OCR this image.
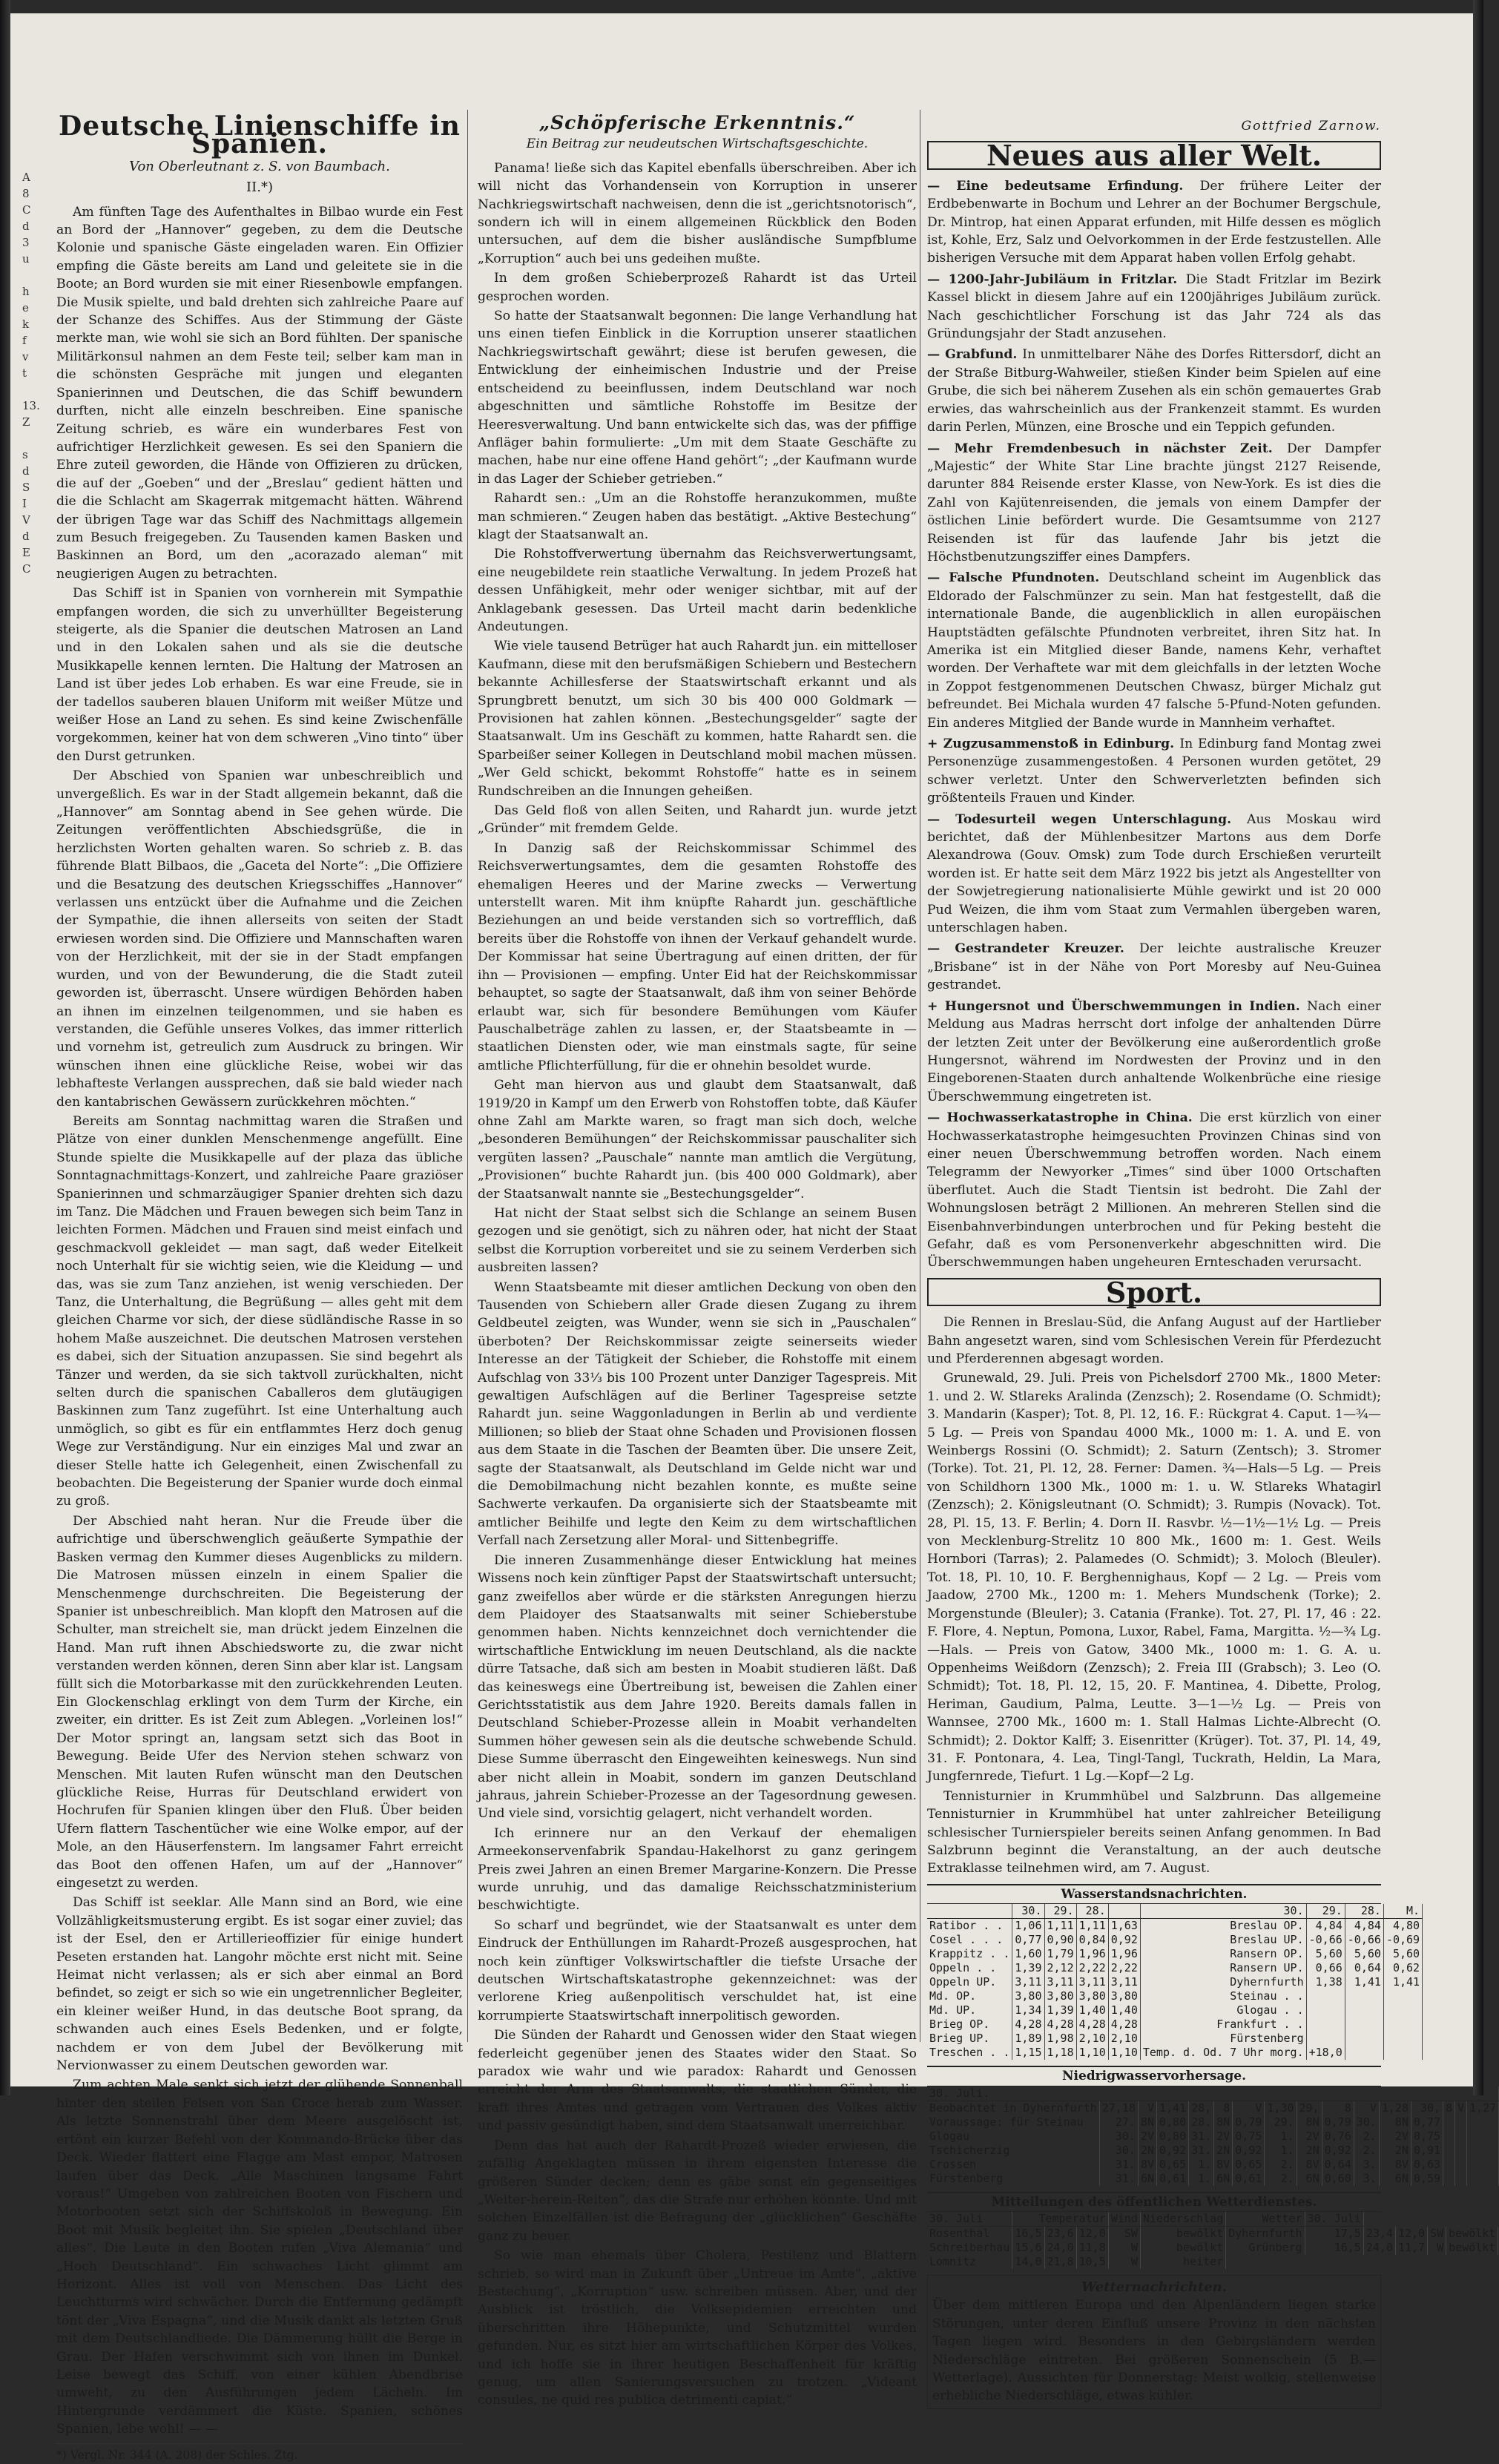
A
8
C
d
3
u

h
e
k
f
v
t

13.
Z

s
d
S
I
V
d
E
C
Deutsche Linienschiffe in Spanien.
Von Oberleutnant z. S. von Baumbach.
II.*)

Am fünften Tage des Aufenthaltes in Bilbao wurde ein Fest an Bord der „Hannover“ gegeben, zu dem die Deutsche Kolonie und spanische Gäste eingeladen waren. Ein Offizier empfing die Gäste bereits am Land und geleitete sie in die Boote; an Bord wurden sie mit einer Riesenbowle empfangen. Die Musik spielte, und bald drehten sich zahlreiche Paare auf der Schanze des Schiffes. Aus der Stimmung der Gäste merkte man, wie wohl sie sich an Bord fühlten. Der spanische Militärkonsul nahmen an dem Feste teil; selber kam man in die schönsten Gespräche mit jungen und eleganten Spanierinnen und Deutschen, die das Schiff bewundern durften, nicht alle einzeln beschreiben. Eine spanische Zeitung schrieb, es wäre ein wunderbares Fest von aufrichtiger Herzlichkeit gewesen. Es sei den Spaniern die Ehre zuteil geworden, die Hände von Offizieren zu drücken, die auf der „Goeben“ und der „Breslau“ gedient hätten und die die Schlacht am Skagerrak mitgemacht hätten. Während der übrigen Tage war das Schiff des Nachmittags allgemein zum Besuch freigegeben. Zu Tausenden kamen Basken und Baskinnen an Bord, um den „acorazado aleman“ mit neugierigen Augen zu betrachten.

Das Schiff ist in Spanien von vornherein mit Sympathie empfangen worden, die sich zu unverhüllter Begeisterung steigerte, als die Spanier die deutschen Matrosen an Land und in den Lokalen sahen und als sie die deutsche Musikkapelle kennen lernten. Die Haltung der Matrosen an Land ist über jedes Lob erhaben. Es war eine Freude, sie in der tadellos sauberen blauen Uniform mit weißer Mütze und weißer Hose an Land zu sehen. Es sind keine Zwischenfälle vorgekommen, keiner hat von dem schweren „Vino tinto“ über den Durst getrunken.

Der Abschied von Spanien war unbeschreiblich und unvergeßlich. Es war in der Stadt allgemein bekannt, daß die „Hannover“ am Sonntag abend in See gehen würde. Die Zeitungen veröffentlichten Abschiedsgrüße, die in herzlichsten Worten gehalten waren. So schrieb z. B. das führende Blatt Bilbaos, die „Gaceta del Norte“: „Die Offiziere und die Besatzung des deutschen Kriegsschiffes „Hannover“ verlassen uns entzückt über die Aufnahme und die Zeichen der Sympathie, die ihnen allerseits von seiten der Stadt erwiesen worden sind. Die Offiziere und Mannschaften waren von der Herzlichkeit, mit der sie in der Stadt empfangen wurden, und von der Bewunderung, die die Stadt zuteil geworden ist, überrascht. Unsere würdigen Behörden haben an ihnen im einzelnen teilgenommen, und sie haben es verstanden, die Gefühle unseres Volkes, das immer ritterlich und vornehm ist, getreulich zum Ausdruck zu bringen. Wir wünschen ihnen eine glückliche Reise, wobei wir das lebhafteste Verlangen aussprechen, daß sie bald wieder nach den kantabrischen Gewässern zurückkehren möchten.“

Bereits am Sonntag nachmittag waren die Straßen und Plätze von einer dunklen Menschenmenge angefüllt. Eine Stunde spielte die Musikkapelle auf der plaza das übliche Sonntagnachmittags-Konzert, und zahlreiche Paare graziöser Spanierinnen und schmarzäugiger Spanier drehten sich dazu im Tanz. Die Mädchen und Frauen bewegen sich beim Tanz in leichten Formen. Mädchen und Frauen sind meist einfach und geschmackvoll gekleidet — man sagt, daß weder Eitelkeit noch Unterhalt für sie wichtig seien, wie die Kleidung — und das, was sie zum Tanz anziehen, ist wenig verschieden. Der Tanz, die Unterhaltung, die Begrüßung — alles geht mit dem gleichen Charme vor sich, der diese südländische Rasse in so hohem Maße auszeichnet. Die deutschen Matrosen verstehen es dabei, sich der Situation anzupassen. Sie sind begehrt als Tänzer und werden, da sie sich taktvoll zurückhalten, nicht selten durch die spanischen Caballeros dem glutäugigen Baskinnen zum Tanz zugeführt. Ist eine Unterhaltung auch unmöglich, so gibt es für ein entflammtes Herz doch genug Wege zur Verständigung. Nur ein einziges Mal und zwar an dieser Stelle hatte ich Gelegenheit, einen Zwischenfall zu beobachten. Die Begeisterung der Spanier wurde doch einmal zu groß.

Der Abschied naht heran. Nur die Freude über die aufrichtige und überschwenglich geäußerte Sympathie der Basken vermag den Kummer dieses Augenblicks zu mildern. Die Matrosen müssen einzeln in einem Spalier die Menschenmenge durchschreiten. Die Begeisterung der Spanier ist unbeschreiblich. Man klopft den Matrosen auf die Schulter, man streichelt sie, man drückt jedem Einzelnen die Hand. Man ruft ihnen Abschiedsworte zu, die zwar nicht verstanden werden können, deren Sinn aber klar ist. Langsam füllt sich die Motorbarkasse mit den zurückkehrenden Leuten. Ein Glockenschlag erklingt von dem Turm der Kirche, ein zweiter, ein dritter. Es ist Zeit zum Ablegen. „Vorleinen los!“ Der Motor springt an, langsam setzt sich das Boot in Bewegung. Beide Ufer des Nervion stehen schwarz von Menschen. Mit lauten Rufen wünscht man den Deutschen glückliche Reise, Hurras für Deutschland erwidert von Hochrufen für Spanien klingen über den Fluß. Über beiden Ufern flattern Taschentücher wie eine Wolke empor, auf der Mole, an den Häuserfenstern. Im langsamer Fahrt erreicht das Boot den offenen Hafen, um auf der „Hannover“ eingesetzt zu werden.

Das Schiff ist seeklar. Alle Mann sind an Bord, wie eine Vollzähligkeitsmusterung ergibt. Es ist sogar einer zuviel; das ist der Esel, den er Artillerieoffizier für einige hundert Peseten erstanden hat. Langohr möchte erst nicht mit. Seine Heimat nicht verlassen; als er sich aber einmal an Bord befindet, so zeigt er sich so wie ein ungetrennlicher Begleiter, ein kleiner weißer Hund, in das deutsche Boot sprang, da schwanden auch eines Esels Bedenken, und er folgte, nachdem er von dem Jubel der Bevölkerung mit Nervionwasser zu einem Deutschen geworden war.

Zum achten Male senkt sich jetzt der glühende Sonnenball hinter den steilen Felsen von San Croce herab zum Wasser. Als letzte Sonnenstrahl über dem Meere ausgelöscht ist, ertönt ein kurzer Befehl von der Kommando-Brücke über das Deck. Wieder flattert eine Flagge am Mast empor, Matrosen laufen über das Deck. „Alle Maschinen langsame Fahrt voraus!“ Umgeben von zahlreichen Booten von Fischern und Motorbooten setzt sich der Schiffskoloß in Bewegung. Ein Boot mit Musik begleitet ihn. Sie spielen „Deutschland über alles“. Die Leute in den Booten rufen „Viva Alemania“ und „Hoch Deutschland“. Ein schwaches Licht glimmt am Horizont. Alles ist voll von Menschen. Das Licht des Leuchtturms wird schwächer. Durch die Entfernung gedämpft tönt der „Viva Espagna“, und die Musik dankt als letzten Gruß mit dem Deutschlandliede. Die Dämmerung hüllt die Berge in Grau. Der Hafen verschwimmt sich von ihnen im Dunkel. Leise bewegt das Schiff, von einer kühlen Abendbrise umweht, zu den Ausführungen jedem Lächeln. Im Hintergrunde verdämmert die Küste. Spanien, schönes Spanien, lebe wohl! — —

*) Vergl. Nr. 344 (A. 208) der Schles. Ztg.
„Schöpferische Erkenntnis.“
Ein Beitrag zur neudeutschen Wirtschaftsgeschichte.

Panama! ließe sich das Kapitel ebenfalls überschreiben. Aber ich will nicht das Vorhandensein von Korruption in unserer Nachkriegswirtschaft nachweisen, denn die ist „gerichtsnotorisch“, sondern ich will in einem allgemeinen Rückblick den Boden untersuchen, auf dem die bisher ausländische Sumpfblume „Korruption“ auch bei uns gedeihen mußte.

In dem großen Schieberprozeß Rahardt ist das Urteil gesprochen worden.

So hatte der Staatsanwalt begonnen: Die lange Verhandlung hat uns einen tiefen Einblick in die Korruption unserer staatlichen Nachkriegswirtschaft gewährt; diese ist berufen gewesen, die Entwicklung der einheimischen Industrie und der Preise entscheidend zu beeinflussen, indem Deutschland war noch abgeschnitten und sämtliche Rohstoffe im Besitze der Heeresverwaltung. Und bann entwickelte sich das, was der pfiffige Anfläger bahin formulierte: „Um mit dem Staate Geschäfte zu machen, habe nur eine offene Hand gehört“; „der Kaufmann wurde in das Lager der Schieber getrieben.“

Rahardt sen.: „Um an die Rohstoffe heranzukommen, mußte man schmieren.“ Zeugen haben das bestätigt. „Aktive Bestechung“ klagt der Staatsanwalt an.

Die Rohstoffverwertung übernahm das Reichsverwertungsamt, eine neugebildete rein staatliche Verwaltung. In jedem Prozeß hat dessen Unfähigkeit, mehr oder weniger sichtbar, mit auf der Anklagebank gesessen. Das Urteil macht darin bedenkliche Andeutungen.

Wie viele tausend Betrüger hat auch Rahardt jun. ein mittelloser Kaufmann, diese mit den berufsmäßigen Schiebern und Bestechern bekannte Achillesferse der Staatswirtschaft erkannt und als Sprungbrett benutzt, um sich 30 bis 400 000 Goldmark — Provisionen hat zahlen können. „Bestechungsgelder“ sagte der Staatsanwalt. Um ins Geschäft zu kommen, hatte Rahardt sen. die Sparbeißer seiner Kollegen in Deutschland mobil machen müssen. „Wer Geld schickt, bekommt Rohstoffe“ hatte es in seinem Rundschreiben an die Innungen geheißen.

Das Geld floß von allen Seiten, und Rahardt jun. wurde jetzt „Gründer“ mit fremdem Gelde.

In Danzig saß der Reichskommissar Schimmel des Reichsverwertungsamtes, dem die gesamten Rohstoffe des ehemaligen Heeres und der Marine zwecks — Verwertung unterstellt waren. Mit ihm knüpfte Rahardt jun. geschäftliche Beziehungen an und beide verstanden sich so vortrefflich, daß bereits über die Rohstoffe von ihnen der Verkauf gehandelt wurde. Der Kommissar hat seine Übertragung auf einen dritten, der für ihn — Provisionen — empfing. Unter Eid hat der Reichskommissar behauptet, so sagte der Staatsanwalt, daß ihm von seiner Behörde erlaubt war, sich für besondere Bemühungen vom Käufer Pauschalbeträge zahlen zu lassen, er, der Staatsbeamte in — staatlichen Diensten oder, wie man einstmals sagte, für seine amtliche Pflichterfüllung, für die er ohnehin besoldet wurde.

Geht man hiervon aus und glaubt dem Staatsanwalt, daß 1919/20 in Kampf um den Erwerb von Rohstoffen tobte, daß Käufer ohne Zahl am Markte waren, so fragt man sich doch, welche „besonderen Bemühungen“ der Reichskommissar pauschaliter sich vergüten lassen? „Pauschale“ nannte man amtlich die Vergütung, „Provisionen“ buchte Rahardt jun. (bis 400 000 Goldmark), aber der Staatsanwalt nannte sie „Bestechungsgelder“.

Hat nicht der Staat selbst sich die Schlange an seinem Busen gezogen und sie genötigt, sich zu nähren oder, hat nicht der Staat selbst die Korruption vorbereitet und sie zu seinem Verderben sich ausbreiten lassen?

Wenn Staatsbeamte mit dieser amtlichen Deckung von oben den Tausenden von Schiebern aller Grade diesen Zugang zu ihrem Geldbeutel zeigten, was Wunder, wenn sie sich in „Pauschalen“ überboten? Der Reichskommissar zeigte seinerseits wieder Interesse an der Tätigkeit der Schieber, die Rohstoffe mit einem Aufschlag von 33⅓ bis 100 Prozent unter Danziger Tagespreis. Mit gewaltigen Aufschlägen auf die Berliner Tagespreise setzte Rahardt jun. seine Waggonladungen in Berlin ab und verdiente Millionen; so blieb der Staat ohne Schaden und Provisionen flossen aus dem Staate in die Taschen der Beamten über. Die unsere Zeit, sagte der Staatsanwalt, als Deutschland im Gelde nicht war und die Demobilmachung nicht bezahlen konnte, es mußte seine Sachwerte verkaufen. Da organisierte sich der Staatsbeamte mit amtlicher Beihilfe und legte den Keim zu dem wirtschaftlichen Verfall nach Zersetzung aller Moral- und Sittenbegriffe.

Die inneren Zusammenhänge dieser Entwicklung hat meines Wissens noch kein zünftiger Papst der Staatswirtschaft untersucht; ganz zweifellos aber würde er die stärksten Anregungen hierzu dem Plaidoyer des Staatsanwalts mit seiner Schieberstube genommen haben. Nichts kennzeichnet doch vernichtender die wirtschaftliche Entwicklung im neuen Deutschland, als die nackte dürre Tatsache, daß sich am besten in Moabit studieren läßt. Daß das keineswegs eine Übertreibung ist, beweisen die Zahlen einer Gerichtsstatistik aus dem Jahre 1920. Bereits damals fallen in Deutschland Schieber-Prozesse allein in Moabit verhandelten Summen höher gewesen sein als die deutsche schwebende Schuld. Diese Summe überrascht den Eingeweihten keineswegs. Nun sind aber nicht allein in Moabit, sondern im ganzen Deutschland jahraus, jahrein Schieber-Prozesse an der Tagesordnung gewesen. Und viele sind, vorsichtig gelagert, nicht verhandelt worden.

Ich erinnere nur an den Verkauf der ehemaligen Armeekonservenfabrik Spandau-Hakelhorst zu ganz geringem Preis zwei Jahren an einen Bremer Margarine-Konzern. Die Presse wurde unruhig, und das damalige Reichsschatzministerium beschwichtigte.

So scharf und begründet, wie der Staatsanwalt es unter dem Eindruck der Enthüllungen im Rahardt-Prozeß ausgesprochen, hat noch kein zünftiger Volkswirtschaftler die tiefste Ursache der deutschen Wirtschaftskatastrophe gekennzeichnet: was der verlorene Krieg außenpolitisch verschuldet hat, ist eine korrumpierte Staatswirtschaft innerpolitisch geworden.

Die Sünden der Rahardt und Genossen wider den Staat wiegen federleicht gegenüber jenen des Staates wider den Staat. So paradox wie wahr und wie paradox: Rahardt und Genossen erreicht der Arm des Staatsanwalts, die staatlichen Sünder, die kraft ihres Amtes und getragen vom Vertrauen des Volkes aktiv und passiv gesündigt haben, sind dem Staatsanwalt unerreichbar.

Denn das hat auch der Rahardt-Prozeß wieder erwiesen, die zufällig Angeklagten müssen in ihrem eigensten Interesse die größeren Sünder decken; denn es gäbe sonst ein gegenseitiges „Weiter-herein-Reiten“, das die Strafe nur erhöhen könnte. Und mit solchen Einzelfällen ist die Befragung der „glücklichen“ Geschäfte ganz zu beuer.

So wie man ehemals über Cholera, Pestilenz und Blattern schrieb, so wird man in Zukunft über „Untreue im Amte“, „aktive Bestechung“, „Korruption“ usw. schreiben müssen. Aber, und der Ausblick ist tröstlich, die Volksepidemien erreichten und überschritten ihre Höhepunkte, und Schutzmittel wurden gefunden. Nur, es sitzt hier am wirtschaftlichen Körper des Volkes, und ich hoffe sie in ihrer heutigen Beschaffenheit für kräftig genug, um allen Sanierungsversuchen zu trotzen. „Videant consules, ne quid res publica detrimenti capiat.“

Gottfried Zarnow.
Neues aus aller Welt.

— Eine bedeutsame Erfindung. Der frühere Leiter der Erdbebenwarte in Bochum und Lehrer an der Bochumer Bergschule, Dr. Mintrop, hat einen Apparat erfunden, mit Hilfe dessen es möglich ist, Kohle, Erz, Salz und Oelvorkommen in der Erde festzustellen. Alle bisherigen Versuche mit dem Apparat haben vollen Erfolg gehabt.

— 1200-Jahr-Jubiläum in Fritzlar. Die Stadt Fritzlar im Bezirk Kassel blickt in diesem Jahre auf ein 1200jähriges Jubiläum zurück. Nach geschichtlicher Forschung ist das Jahr 724 als das Gründungsjahr der Stadt anzusehen.

— Grabfund. In unmittelbarer Nähe des Dorfes Rittersdorf, dicht an der Straße Bitburg-Wahweiler, stießen Kinder beim Spielen auf eine Grube, die sich bei näherem Zusehen als ein schön gemauertes Grab erwies, das wahrscheinlich aus der Frankenzeit stammt. Es wurden darin Perlen, Münzen, eine Brosche und ein Teppich gefunden.

— Mehr Fremdenbesuch in nächster Zeit. Der Dampfer „Majestic“ der White Star Line brachte jüngst 2127 Reisende, darunter 884 Reisende erster Klasse, von New-York. Es ist dies die Zahl von Kajütenreisenden, die jemals von einem Dampfer der östlichen Linie befördert wurde. Die Gesamtsumme von 2127 Reisenden ist für das laufende Jahr bis jetzt die Höchstbenutzungsziffer eines Dampfers.

— Falsche Pfundnoten. Deutschland scheint im Augenblick das Eldorado der Falschmünzer zu sein. Man hat festgestellt, daß die internationale Bande, die augenblicklich in allen europäischen Hauptstädten gefälschte Pfundnoten verbreitet, ihren Sitz hat. In Amerika ist ein Mitglied dieser Bande, namens Kehr, verhaftet worden. Der Verhaftete war mit dem gleichfalls in der letzten Woche in Zoppot festgenommenen Deutschen Chwasz, bürger Michalz gut befreundet. Bei Michala wurden 47 falsche 5-Pfund-Noten gefunden. Ein anderes Mitglied der Bande wurde in Mannheim verhaftet.

+ Zugzusammenstoß in Edinburg. In Edinburg fand Montag zwei Personenzüge zusammengestoßen. 4 Personen wurden getötet, 29 schwer verletzt. Unter den Schwerverletzten befinden sich größtenteils Frauen und Kinder.

— Todesurteil wegen Unterschlagung. Aus Moskau wird berichtet, daß der Mühlenbesitzer Martons aus dem Dorfe Alexandrowa (Gouv. Omsk) zum Tode durch Erschießen verurteilt worden ist. Er hatte seit dem März 1922 bis jetzt als Angestellter von der Sowjetregierung nationalisierte Mühle gewirkt und ist 20 000 Pud Weizen, die ihm vom Staat zum Vermahlen übergeben waren, unterschlagen haben.

— Gestrandeter Kreuzer. Der leichte australische Kreuzer „Brisbane“ ist in der Nähe von Port Moresby auf Neu-Guinea gestrandet.

+ Hungersnot und Überschwemmungen in Indien. Nach einer Meldung aus Madras herrscht dort infolge der anhaltenden Dürre der letzten Zeit unter der Bevölkerung eine außerordentlich große Hungersnot, während im Nordwesten der Provinz und in den Eingeborenen-Staaten durch anhaltende Wolkenbrüche eine riesige Überschwemmung eingetreten ist.

— Hochwasserkatastrophe in China. Die erst kürzlich von einer Hochwasserkatastrophe heimgesuchten Provinzen Chinas sind von einer neuen Überschwemmung betroffen worden. Nach einem Telegramm der Newyorker „Times“ sind über 1000 Ortschaften überflutet. Auch die Stadt Tientsin ist bedroht. Die Zahl der Wohnungslosen beträgt 2 Millionen. An mehreren Stellen sind die Eisenbahnverbindungen unterbrochen und für Peking besteht die Gefahr, daß es vom Personenverkehr abgeschnitten wird. Die Überschwemmungen haben ungeheuren Ernteschaden verursacht.

Sport.

Die Rennen in Breslau-Süd, die Anfang August auf der Hartlieber Bahn angesetzt waren, sind vom Schlesischen Verein für Pferdezucht und Pferderennen abgesagt worden.

Grunewald, 29. Juli. Preis von Pichelsdorf 2700 Mk., 1800 Meter: 1. und 2. W. Stlareks Aralinda (Zenzsch); 2. Rosendame (O. Schmidt); 3. Mandarin (Kasper); Tot. 8, Pl. 12, 16. F.: Rückgrat 4. Caput. 1—¾—5 Lg. — Preis von Spandau 4000 Mk., 1000 m: 1. A. und E. von Weinbergs Rossini (O. Schmidt); 2. Saturn (Zentsch); 3. Stromer (Torke). Tot. 21, Pl. 12, 28. Ferner: Damen. ¾—Hals—5 Lg. — Preis von Schildhorn 1300 Mk., 1000 m: 1. u. W. Stlareks Whatagirl (Zenzsch); 2. Königsleutnant (O. Schmidt); 3. Rumpis (Novack). Tot. 28, Pl. 15, 13. F. Berlin; 4. Dorn II. Rasvbr. ½—1½—1½ Lg. — Preis von Mecklenburg-Strelitz 10 800 Mk., 1600 m: 1. Gest. Weils Hornbori (Tarras); 2. Palamedes (O. Schmidt); 3. Moloch (Bleuler). Tot. 18, Pl. 10, 10. F. Berghennighaus, Kopf — 2 Lg. — Preis vom Jaadow, 2700 Mk., 1200 m: 1. Mehers Mundschenk (Torke); 2. Morgenstunde (Bleuler); 3. Catania (Franke). Tot. 27, Pl. 17, 46 : 22. F. Flore, 4. Neptun, Pomona, Luxor, Rabel, Fama, Margitta. ½—¾ Lg.—Hals. — Preis von Gatow, 3400 Mk., 1000 m: 1. G. A. u. Oppenheims Weißdorn (Zenzsch); 2. Freia III (Grabsch); 3. Leo (O. Schmidt); Tot. 18, Pl. 12, 15, 20. F. Mantinea, 4. Dibette, Prolog, Heriman, Gaudium, Palma, Leutte. 3—1—½ Lg. — Preis von Wannsee, 2700 Mk., 1600 m: 1. Stall Halmas Lichte-Albrecht (O. Schmidt); 2. Doktor Kalff; 3. Eisenritter (Krüger). Tot. 37, Pl. 14, 49, 31. F. Pontonara, 4. Lea, Tingl-Tangl, Tuckrath, Heldin, La Mara, Jungfernrede, Tiefurt. 1 Lg.—Kopf—2 Lg.

Tennisturnier in Krummhübel und Salzbrunn. Das allgemeine Tennisturnier in Krummhübel hat unter zahlreicher Beteiligung schlesischer Turnierspieler bereits seinen Anfang genommen. In Bad Salzbrunn beginnt die Veranstaltung, an der auch deutsche Extraklasse teilnehmen wird, am 7. August.

Wasserstandsnachrichten.
	30.	29.	28.		30.	29.	28.	M.
Ratibor . .	1,06	1,11	1,11	1,63	Breslau OP.	4,84	4,84	4,80
Cosel . . .	0,77	0,90	0,84	0,92	Breslau UP.	-0,66	-0,66	-0,69
Krappitz . .	1,60	1,79	1,96	1,96	Ransern OP.	5,60	5,60	5,60
Oppeln . .	1,39	2,12	2,22	2,22	Ransern UP.	0,66	0,64	0,62
Oppeln UP.	3,11	3,11	3,11	3,11	Dyhernfurth	1,38	1,41	1,41
Md. OP.	3,80	3,80	3,80	3,80	Steinau . .			
Md. UP.	1,34	1,39	1,40	1,40	Glogau . .			
Brieg OP.	4,28	4,28	4,28	4,28	Frankfurt . .			
Brieg UP.	1,89	1,98	2,10	2,10	Fürstenberg			
Treschen . .	1,15	1,18	1,10	1,10	Temp. d. Od. 7 Uhr morg.	+18,0		
Niedrigwasservorhersage.
30. Juli.															
Beobachtet in Dyhernfurth	27,18	V	1,41	28,	8	V	1,30	29,	8	V	1,28	30,	8	V	1,27
Voraussage: für Steinau	27.	8N	0,80	28.	8N	0,79	29.	8N	0,79	30.	8N	0,77			
Glogau	30.	2V	0,80	31.	2V	0,75	1.	2V	0,76	2.	2V	0,75			
Tschicherzig	30.	2N	0,92	31.	2N	0,92	1.	2N	0,92	2.	2N	0,91			
Crossen	31.	8V	0,65	1.	8V	0,65	2.	8V	0,64	3.	8V	0,63			
Fürstenberg	31.	6N	0,61	1.	6N	0,61	2.	6N	0,60	3.	6N	0,59			
Mitteilungen des öffentlichen Wetterdienstes.
30. Juli	Temperatur			Wind	Niederschlag	Wetter	30. Juli				
Rosenthal	16,5	23,6	12,0	SW	bewölkt	Dyhernfurth	17,5	23,4	12,0	SW	bewölkt
Schreiberhau	15,6	24,0	11,8	W	bewölkt	Grünberg	16,5	24,0	11,7	W	bewölkt
Lomnitz	14,0	21,8	10,5	W	heiter						
Wetternachrichten.
Über dem mittleren Europa und den Alpenländern liegen starke Störungen, unter deren Einfluß unsere Provinz in den nächsten Tagen liegen wird. Besonders in den Gebirgsländern werden Niederschläge eintreten. Bei größeren Sonnenschein (5 B.—Wetterlage). Aussichten für Donnerstag: Meist wolkig, stellenweise erhebliche Niederschläge, etwas kühler.
